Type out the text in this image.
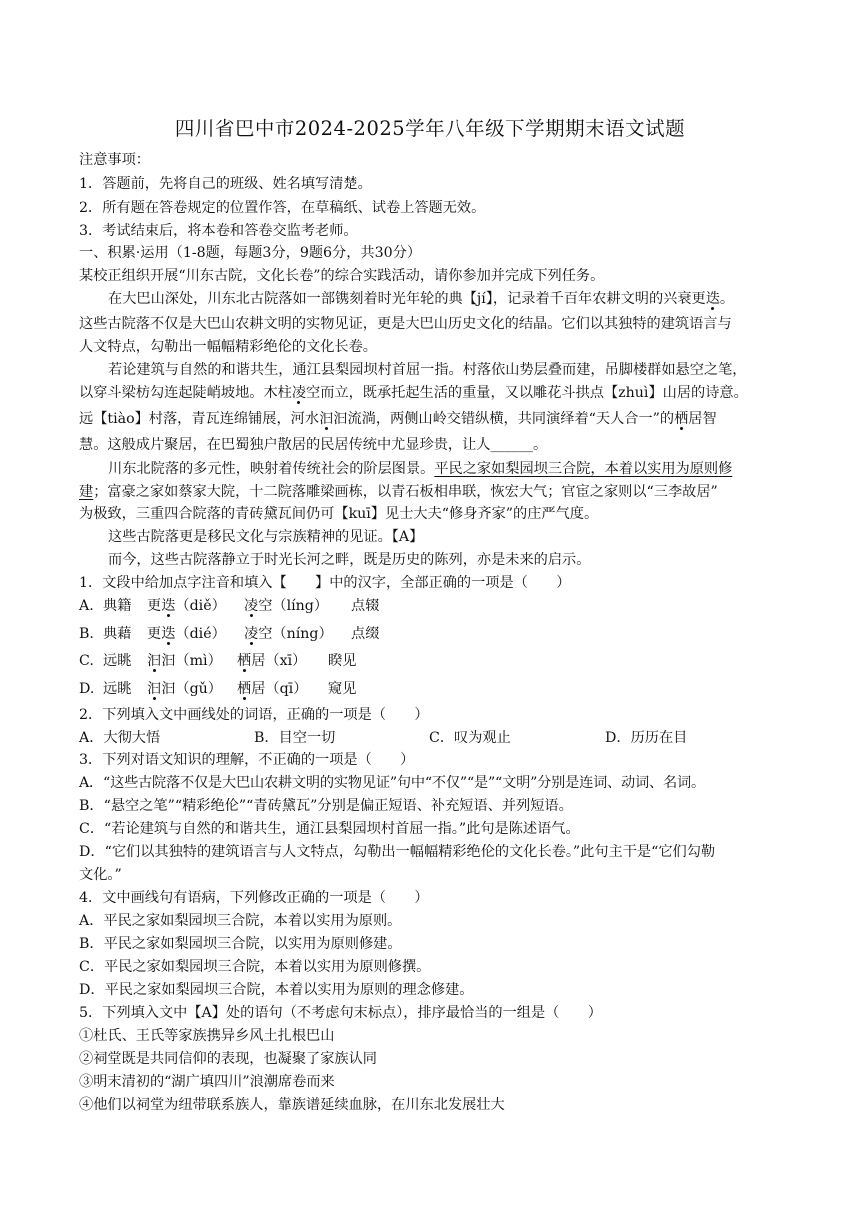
四川省巴中市2024-2025学年八年级下学期期末语文试题
注意事项：
1．答题前，先将自己的班级、姓名填写清楚。
2．所有题在答卷规定的位置作答，在草稿纸、试卷上答题无效。
3．考试结束后，将本卷和答卷交监考老师。
一、积累·运用（1-8题，每题3分，9题6分，共30分）
某校正组织开展“川东古院，文化长卷”的综合实践活动，请你参加并完成下列任务。
在大巴山深处，川东北古院落如一部镌刻着时光年轮的典【jí】，记录着千百年农耕文明的兴衰更迭。
这些古院落不仅是大巴山农耕文明的实物见证，更是大巴山历史文化的结晶。它们以其独特的建筑语言与
人文特点，勾勒出一幅幅精彩绝伦的文化长卷。
若论建筑与自然的和谐共生，通江县梨园坝村首屈一指。村落依山势层叠而建，吊脚楼群如悬空之笔，
以穿斗梁枋勾连起陡峭坡地。木柱凌空而立，既承托起生活的重量，又以雕花斗拱点【zhuì】山居的诗意。
远【tiào】村落，青瓦连绵铺展，河水汩汩流淌，两侧山岭交错纵横，共同演绎着“天人合一”的栖居智
慧。这般成片聚居，在巴蜀独户散居的民居传统中尤显珍贵，让人______。
川东北院落的多元性，映射着传统社会的阶层图景。平民之家如梨园坝三合院，本着以实用为原则修
建；富豪之家如蔡家大院，十二院落雕梁画栋，以青石板相串联，恢宏大气；官宦之家则以“三李故居”
为极致，三重四合院落的青砖黛瓦间仍可【kuī】见士大夫“修身齐家”的庄严气度。
这些古院落更是移民文化与宗族精神的见证。【A】
而今，这些古院落静立于时光长河之畔，既是历史的陈列，亦是未来的启示。
1．文段中给加点字注音和填入【　　】中的汉字，全部正确的一项是（　　）
A. 典籍 更迭（diě） 凌空（líng） 点辍
B. 典藉 更迭（dié） 凌空（níng） 点缀
C. 远眺 汩汩（mì） 栖居（xī） 睽见
D. 远眺 汩汩（gǔ） 栖居（qī） 窥见
2．下列填入文中画线处的词语，正确的一项是（　　）
A．大彻大悟	B．目空一切	C．叹为观止	D．历历在目
3．下列对语文知识的理解，不正确的一项是（　　）
A．“这些古院落不仅是大巴山农耕文明的实物见证”句中“不仅”“是”“文明”分别是连词、动词、名词。
B．“悬空之笔”“精彩绝伦”“青砖黛瓦”分别是偏正短语、补充短语、并列短语。
C．“若论建筑与自然的和谐共生，通江县梨园坝村首屈一指。”此句是陈述语气。
D．“它们以其独特的建筑语言与人文特点，勾勒出一幅幅精彩绝伦的文化长卷。”此句主干是“它们勾勒
文化。”
4．文中画线句有语病，下列修改正确的一项是（　　）
A．平民之家如梨园坝三合院，本着以实用为原则。
B．平民之家如梨园坝三合院，以实用为原则修建。
C．平民之家如梨园坝三合院，本着以实用为原则修撰。
D．平民之家如梨园坝三合院，本着以实用为原则的理念修建。
5．下列填入文中【A】处的语句（不考虑句末标点），排序最恰当的一组是（　　）
①杜氏、王氏等家族携异乡风土扎根巴山
②祠堂既是共同信仰的表现，也凝聚了家族认同
③明末清初的“湖广填四川”浪潮席卷而来
④他们以祠堂为纽带联系族人，靠族谱延续血脉，在川东北发展壮大
